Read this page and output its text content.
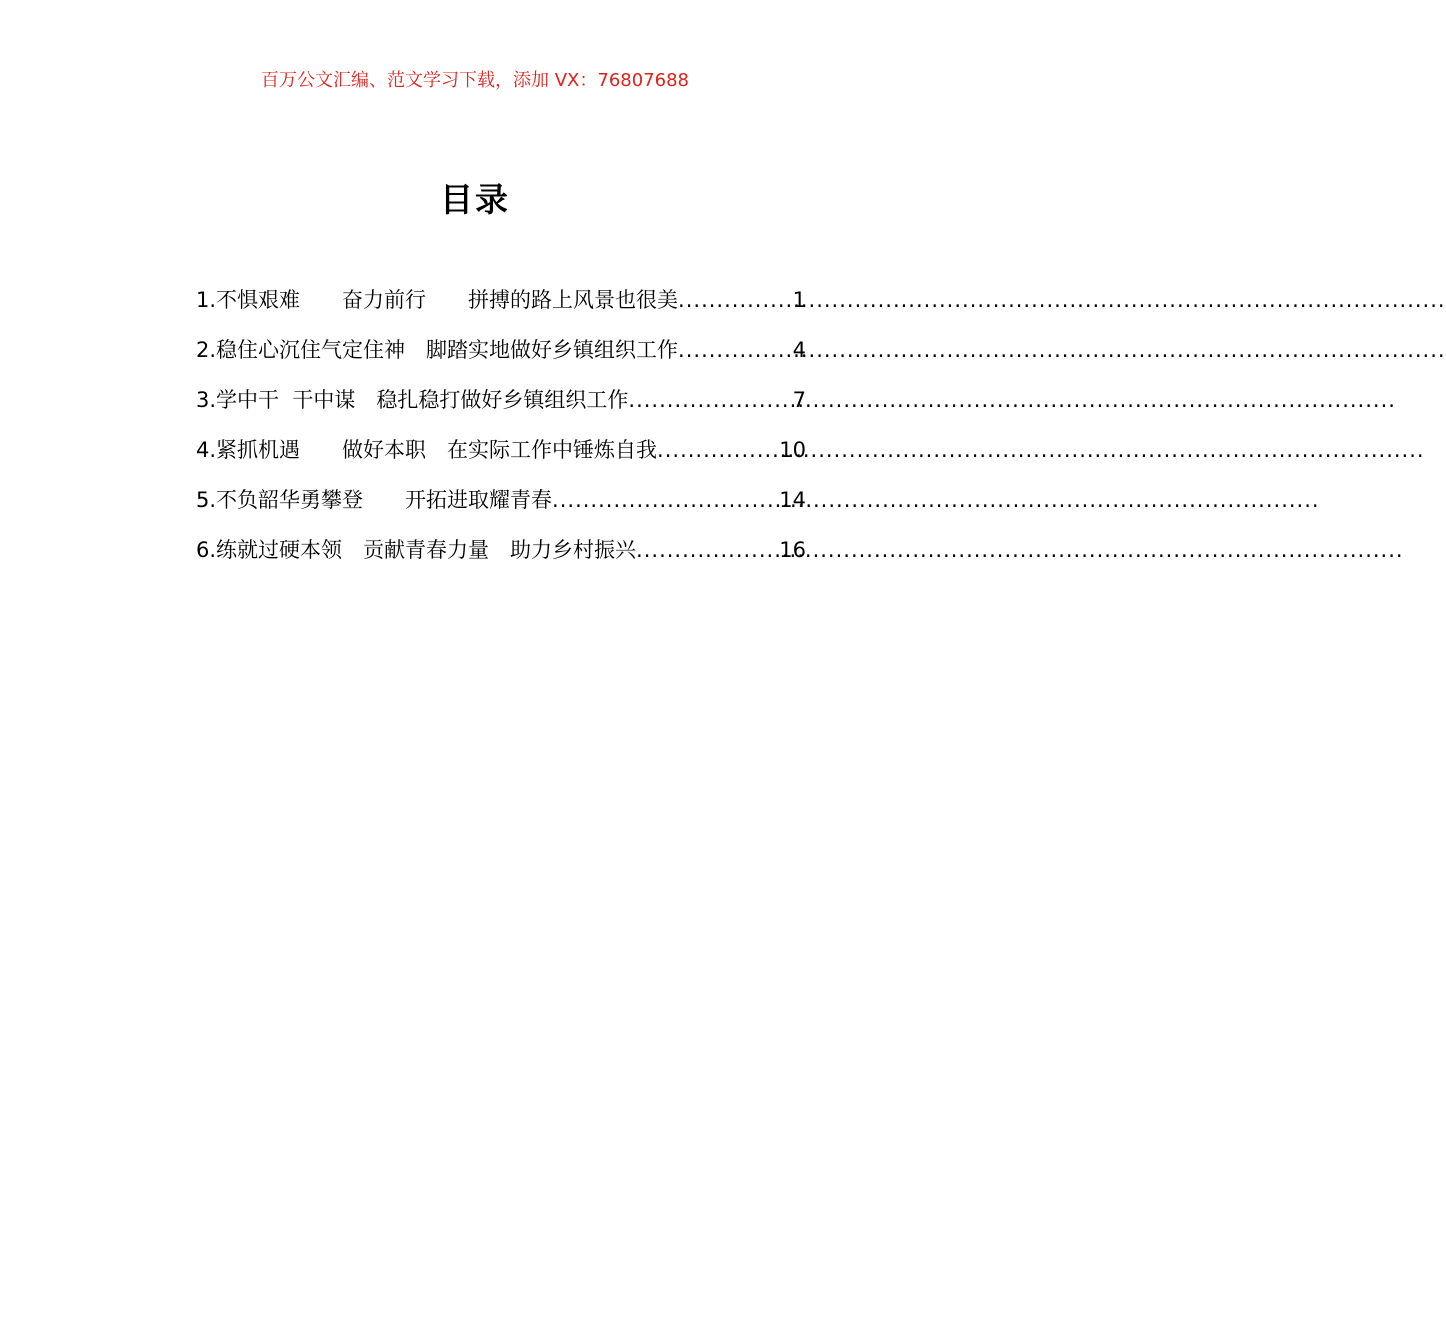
百万公文汇编、范文学习下载，添加 VX：76807688
目录
1. 不惧艰难　　奋力前行　　拼搏的路上风景也很美 .....	1
2. 稳住心沉住气定住神　脚踏实地做好乡镇组织工作 .....	4
3. 学中干  干中谋　稳扎稳打做好乡镇组织工作 .....	7
4. 紧抓机遇　　做好本职　在实际工作中锤炼自我 .....	10
5. 不负韶华勇攀登　　开拓进取耀青春 .....	14
6. 练就过硬本领　贡献青春力量　助力乡村振兴 .....	16
